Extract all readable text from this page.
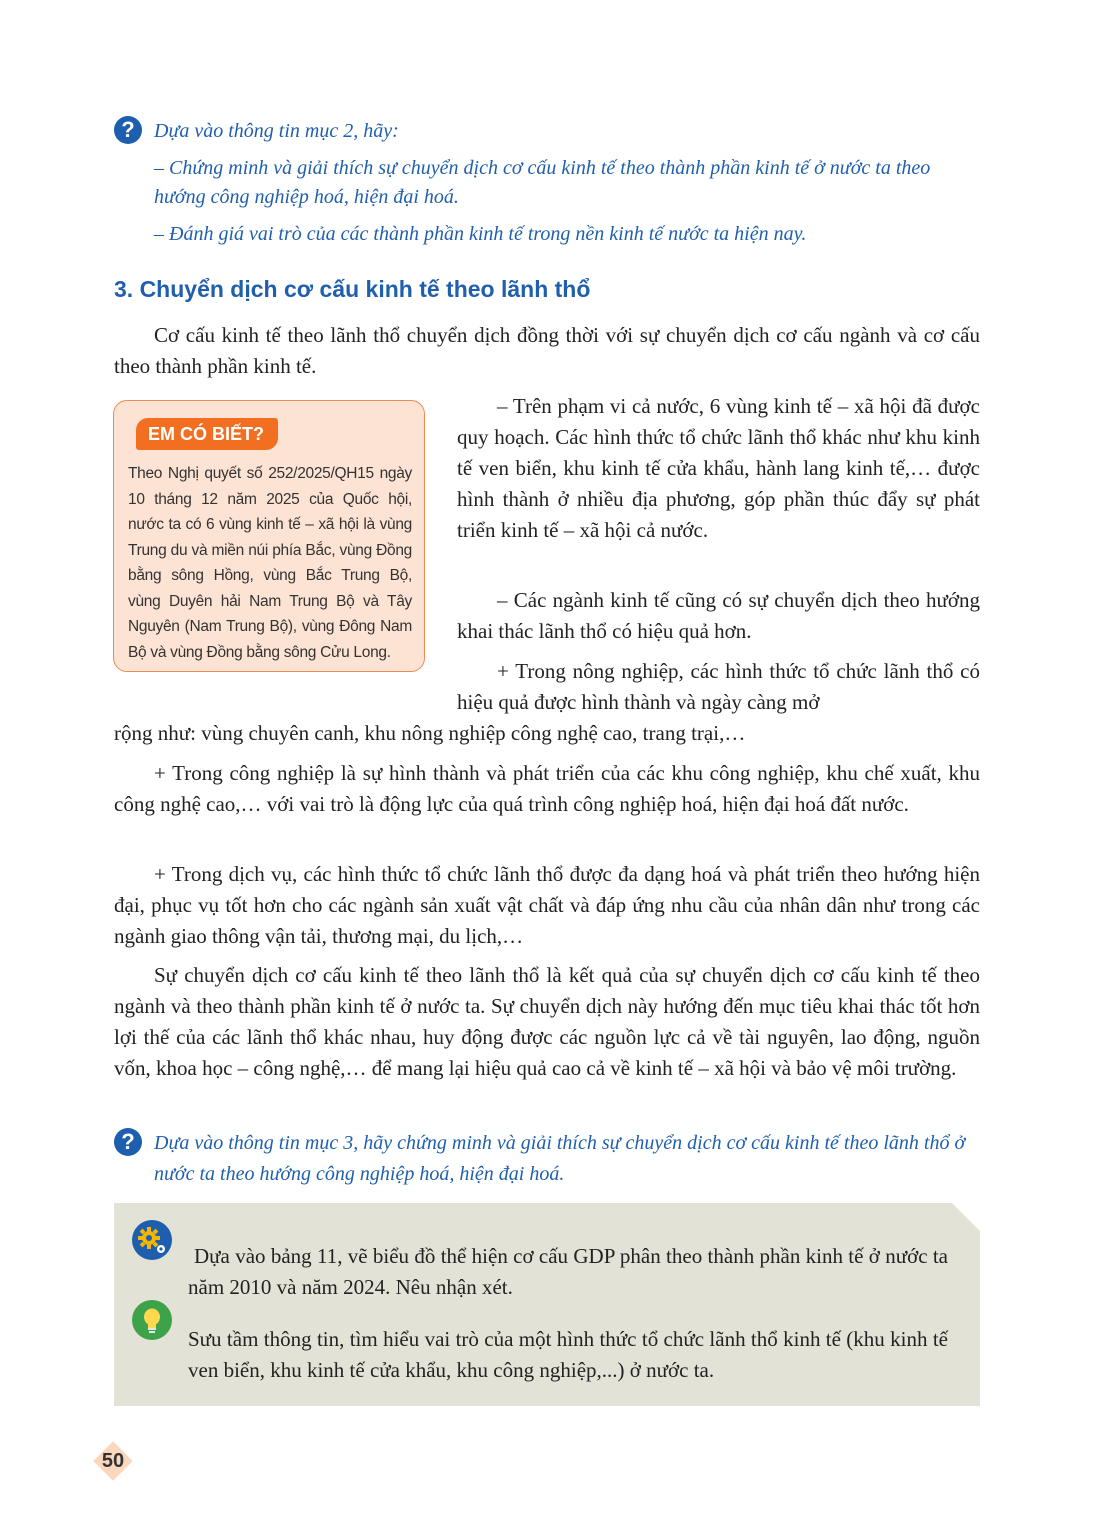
? Dựa vào thông tin mục 2, hãy:

– Chứng minh và giải thích sự chuyển dịch cơ cấu kinh tế theo thành phần kinh tế ở nước ta theo hướng công nghiệp hoá, hiện đại hoá.

– Đánh giá vai trò của các thành phần kinh tế trong nền kinh tế nước ta hiện nay.

3. Chuyển dịch cơ cấu kinh tế theo lãnh thổ

Cơ cấu kinh tế theo lãnh thổ chuyển dịch đồng thời với sự chuyển dịch cơ cấu ngành và cơ cấu theo thành phần kinh tế.

EM CÓ BIẾT?
Theo Nghị quyết số 252/2025/QH15 ngày 10 tháng 12 năm 2025 của Quốc hội, nước ta có 6 vùng kinh tế – xã hội là vùng Trung du và miền núi phía Bắc, vùng Đồng bằng sông Hồng, vùng Bắc Trung Bộ, vùng Duyên hải Nam Trung Bộ và Tây Nguyên (Nam Trung Bộ), vùng Đông Nam Bộ và vùng Đồng bằng sông Cửu Long.

– Trên phạm vi cả nước, 6 vùng kinh tế – xã hội đã được quy hoạch. Các hình thức tổ chức lãnh thổ khác như khu kinh tế ven biển, khu kinh tế cửa khẩu, hành lang kinh tế,… được hình thành ở nhiều địa phương, góp phần thúc đẩy sự phát triển kinh tế – xã hội cả nước.

– Các ngành kinh tế cũng có sự chuyển dịch theo hướng khai thác lãnh thổ có hiệu quả hơn.

+ Trong nông nghiệp, các hình thức tổ chức lãnh thổ có hiệu quả được hình thành và ngày càng mở

rộng như: vùng chuyên canh, khu nông nghiệp công nghệ cao, trang trại,…

+ Trong công nghiệp là sự hình thành và phát triển của các khu công nghiệp, khu chế xuất, khu công nghệ cao,… với vai trò là động lực của quá trình công nghiệp hoá, hiện đại hoá đất nước.

+ Trong dịch vụ, các hình thức tổ chức lãnh thổ được đa dạng hoá và phát triển theo hướng hiện đại, phục vụ tốt hơn cho các ngành sản xuất vật chất và đáp ứng nhu cầu của nhân dân như trong các ngành giao thông vận tải, thương mại, du lịch,…

Sự chuyển dịch cơ cấu kinh tế theo lãnh thổ là kết quả của sự chuyển dịch cơ cấu kinh tế theo ngành và theo thành phần kinh tế ở nước ta. Sự chuyển dịch này hướng đến mục tiêu khai thác tốt hơn lợi thế của các lãnh thổ khác nhau, huy động được các nguồn lực cả về tài nguyên, lao động, nguồn vốn, khoa học – công nghệ,… để mang lại hiệu quả cao cả về kinh tế – xã hội và bảo vệ môi trường.

? Dựa vào thông tin mục 3, hãy chứng minh và giải thích sự chuyển dịch cơ cấu kinh tế theo lãnh thổ ở nước ta theo hướng công nghiệp hoá, hiện đại hoá.

Dựa vào bảng 11, vẽ biểu đồ thể hiện cơ cấu GDP phân theo thành phần kinh tế ở nước ta năm 2010 và năm 2024. Nêu nhận xét.

Sưu tầm thông tin, tìm hiểu vai trò của một hình thức tổ chức lãnh thổ kinh tế (khu kinh tế ven biển, khu kinh tế cửa khẩu, khu công nghiệp,...) ở nước ta.

50
